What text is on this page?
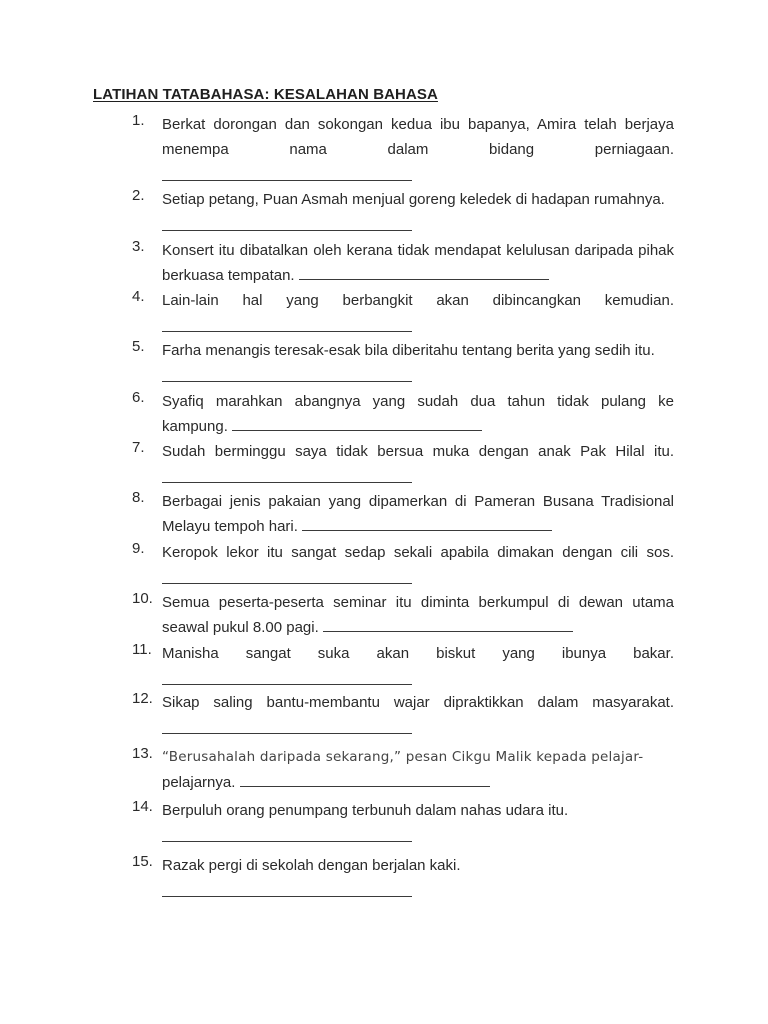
LATIHAN TATABAHASA: KESALAHAN BAHASA
1.	Berkat dorongan dan sokongan kedua ibu bapanya, Amira telah berjaya
menempa nama dalam bidang perniagaan.
2.	Setiap petang, Puan Asmah menjual goreng keledek di hadapan rumahnya.
3.	Konsert itu dibatalkan oleh kerana tidak mendapat kelulusan daripada pihak
berkuasa tempatan.
4.	Lain-lain hal yang berbangkit akan dibincangkan kemudian.
5.	Farha menangis teresak-esak bila diberitahu tentang berita yang sedih itu.
6.	Syafiq marahkan abangnya yang sudah dua tahun tidak pulang ke
kampung.
7.	Sudah berminggu saya tidak bersua muka dengan anak Pak Hilal itu.
8.	Berbagai jenis pakaian yang dipamerkan di Pameran Busana Tradisional
Melayu tempoh hari.
9.	Keropok lekor itu sangat sedap sekali apabila dimakan dengan cili sos.
10. Semua peserta-peserta seminar itu diminta berkumpul di dewan utama
seawal pukul 8.00 pagi.
11. Manisha sangat suka akan biskut yang ibunya bakar.
12. Sikap saling bantu-membantu wajar dipraktikkan dalam masyarakat.
13. “Berusahalah daripada sekarang,” pesan Cikgu Malik kepada pelajar-
pelajarnya.
14. Berpuluh orang penumpang terbunuh dalam nahas udara itu.
15. Razak pergi di sekolah dengan berjalan kaki.
